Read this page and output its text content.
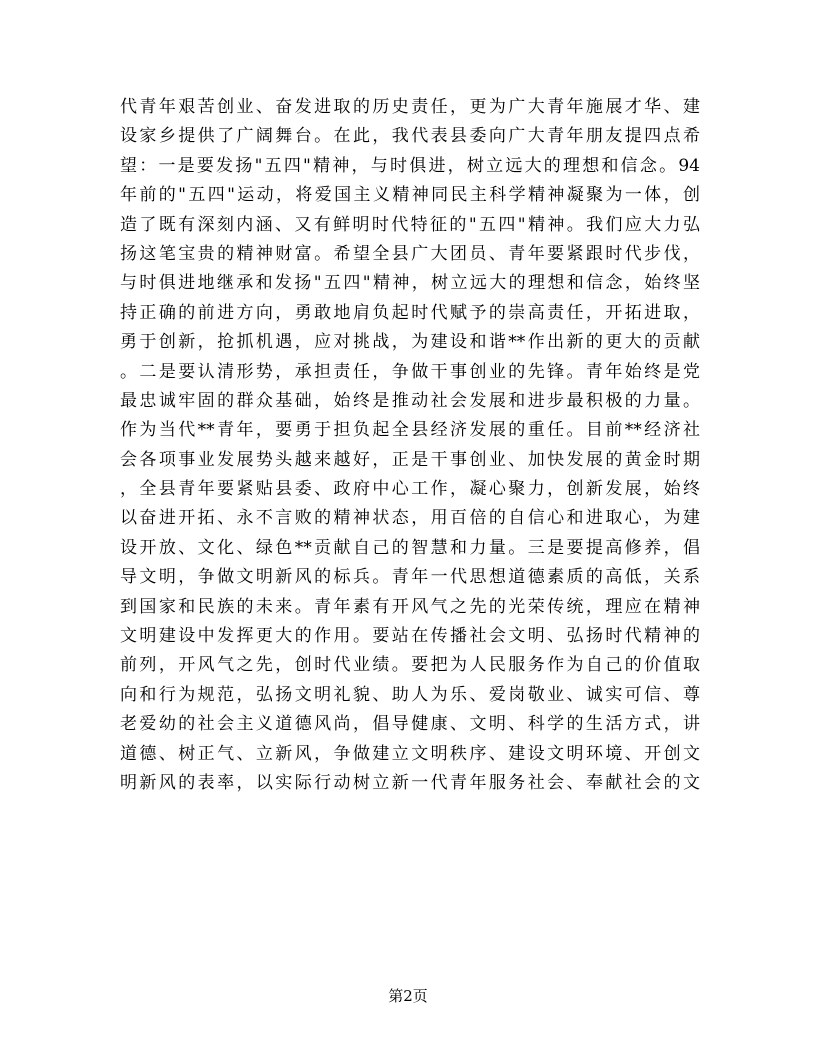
代青年艰苦创业、奋发进取的历史责任，更为广大青年施展才华、建
设家乡提供了广阔舞台。在此，我代表县委向广大青年朋友提四点希
望：一是要发扬"五四"精神，与时俱进，树立远大的理想和信念。94
年前的"五四"运动，将爱国主义精神同民主科学精神凝聚为一体，创
造了既有深刻内涵、又有鲜明时代特征的"五四"精神。我们应大力弘
扬这笔宝贵的精神财富。希望全县广大团员、青年要紧跟时代步伐，
与时俱进地继承和发扬"五四"精神，树立远大的理想和信念，始终坚
持正确的前进方向，勇敢地肩负起时代赋予的崇高责任，开拓进取，
勇于创新，抢抓机遇，应对挑战，为建设和谐**作出新的更大的贡献
。二是要认清形势，承担责任，争做干事创业的先锋。青年始终是党
最忠诚牢固的群众基础，始终是推动社会发展和进步最积极的力量。
作为当代**青年，要勇于担负起全县经济发展的重任。目前**经济社
会各项事业发展势头越来越好，正是干事创业、加快发展的黄金时期
，全县青年要紧贴县委、政府中心工作，凝心聚力，创新发展，始终
以奋进开拓、永不言败的精神状态，用百倍的自信心和进取心，为建
设开放、文化、绿色**贡献自己的智慧和力量。三是要提高修养，倡
导文明，争做文明新风的标兵。青年一代思想道德素质的高低，关系
到国家和民族的未来。青年素有开风气之先的光荣传统，理应在精神
文明建设中发挥更大的作用。要站在传播社会文明、弘扬时代精神的
前列，开风气之先，创时代业绩。要把为人民服务作为自己的价值取
向和行为规范，弘扬文明礼貌、助人为乐、爱岗敬业、诚实可信、尊
老爱幼的社会主义道德风尚，倡导健康、文明、科学的生活方式，讲
道德、树正气、立新风，争做建立文明秩序、建设文明环境、开创文
明新风的表率，以实际行动树立新一代青年服务社会、奉献社会的文
第2页
